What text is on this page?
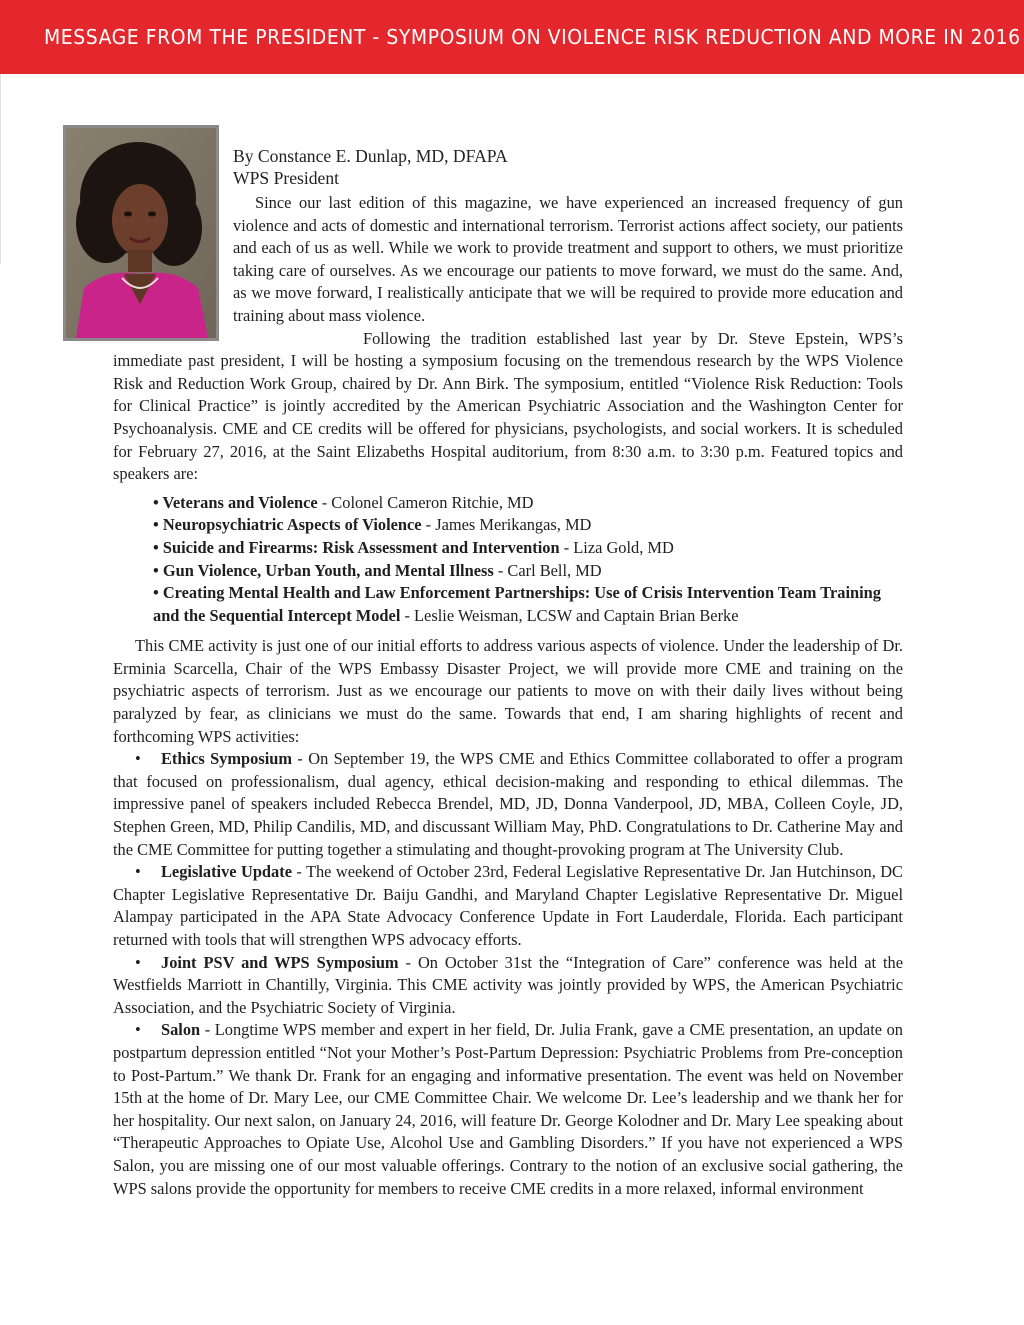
MESSAGE FROM THE PRESIDENT - SYMPOSIUM ON VIOLENCE RISK REDUCTION AND MORE IN 2016
By Constance E. Dunlap, MD, DFAPA
WPS President

Since our last edition of this magazine, we have experienced an increased frequency of gun violence and acts of domestic and international terrorism. Terrorist actions affect society, our patients and each of us as well. While we work to provide treatment and support to others, we must prioritize taking care of ourselves. As we encourage our patients to move forward, we must do the same. And, as we move forward, I realistically anticipate that we will be required to provide more education and training about mass violence.

Following the tradition established last year by Dr. Steve Epstein, WPS’s immediate past president, I will be hosting a symposium focusing on the tremendous research by the WPS Violence Risk and Reduction Work Group, chaired by Dr. Ann Birk. The symposium, entitled “Violence Risk Reduction: Tools for Clinical Practice” is jointly accredited by the American Psychiatric Association and the Washington Center for Psychoanalysis. CME and CE credits will be offered for physicians, psychologists, and social workers. It is scheduled for February 27, 2016, at the Saint Elizabeths Hospital auditorium, from 8:30 a.m. to 3:30 p.m. Featured topics and speakers are:

• Veterans and Violence - Colonel Cameron Ritchie, MD
• Neuropsychiatric Aspects of Violence - James Merikangas, MD
• Suicide and Firearms: Risk Assessment and Intervention - Liza Gold, MD
• Gun Violence, Urban Youth, and Mental Illness - Carl Bell, MD
• Creating Mental Health and Law Enforcement Partnerships: Use of Crisis Intervention Team Training and the Sequential Intercept Model - Leslie Weisman, LCSW and Captain Brian Berke

This CME activity is just one of our initial efforts to address various aspects of violence. Under the leadership of Dr. Erminia Scarcella, Chair of the WPS Embassy Disaster Project, we will provide more CME and training on the psychiatric aspects of terrorism. Just as we encourage our patients to move on with their daily lives without being paralyzed by fear, as clinicians we must do the same. Towards that end, I am sharing highlights of recent and forthcoming WPS activities:

• Ethics Symposium - On September 19, the WPS CME and Ethics Committee collaborated to offer a program that focused on professionalism, dual agency, ethical decision-making and responding to ethical dilemmas. The impressive panel of speakers included Rebecca Brendel, MD, JD, Donna Vanderpool, JD, MBA, Colleen Coyle, JD, Stephen Green, MD, Philip Candilis, MD, and discussant William May, PhD. Congratulations to Dr. Catherine May and the CME Committee for putting together a stimulating and thought-provoking program at The University Club.

• Legislative Update - The weekend of October 23rd, Federal Legislative Representative Dr. Jan Hutchinson, DC Chapter Legislative Representative Dr. Baiju Gandhi, and Maryland Chapter Legislative Representative Dr. Miguel Alampay participated in the APA State Advocacy Conference Update in Fort Lauderdale, Florida. Each participant returned with tools that will strengthen WPS advocacy efforts.

• Joint PSV and WPS Symposium - On October 31st the “Integration of Care” conference was held at the Westfields Marriott in Chantilly, Virginia. This CME activity was jointly provided by WPS, the American Psychiatric Association, and the Psychiatric Society of Virginia.

• Salon - Longtime WPS member and expert in her field, Dr. Julia Frank, gave a CME presentation, an update on postpartum depression entitled “Not your Mother’s Post-Partum Depression: Psychiatric Problems from Pre-conception to Post-Partum.” We thank Dr. Frank for an engaging and informative presentation. The event was held on November 15th at the home of Dr. Mary Lee, our CME Committee Chair. We welcome Dr. Lee’s leadership and we thank her for her hospitality. Our next salon, on January 24, 2016, will feature Dr. George Kolodner and Dr. Mary Lee speaking about “Therapeutic Approaches to Opiate Use, Alcohol Use and Gambling Disorders.” If you have not experienced a WPS Salon, you are missing one of our most valuable offerings. Contrary to the notion of an exclusive social gathering, the WPS salons provide the opportunity for members to receive CME credits in a more relaxed, informal environment
